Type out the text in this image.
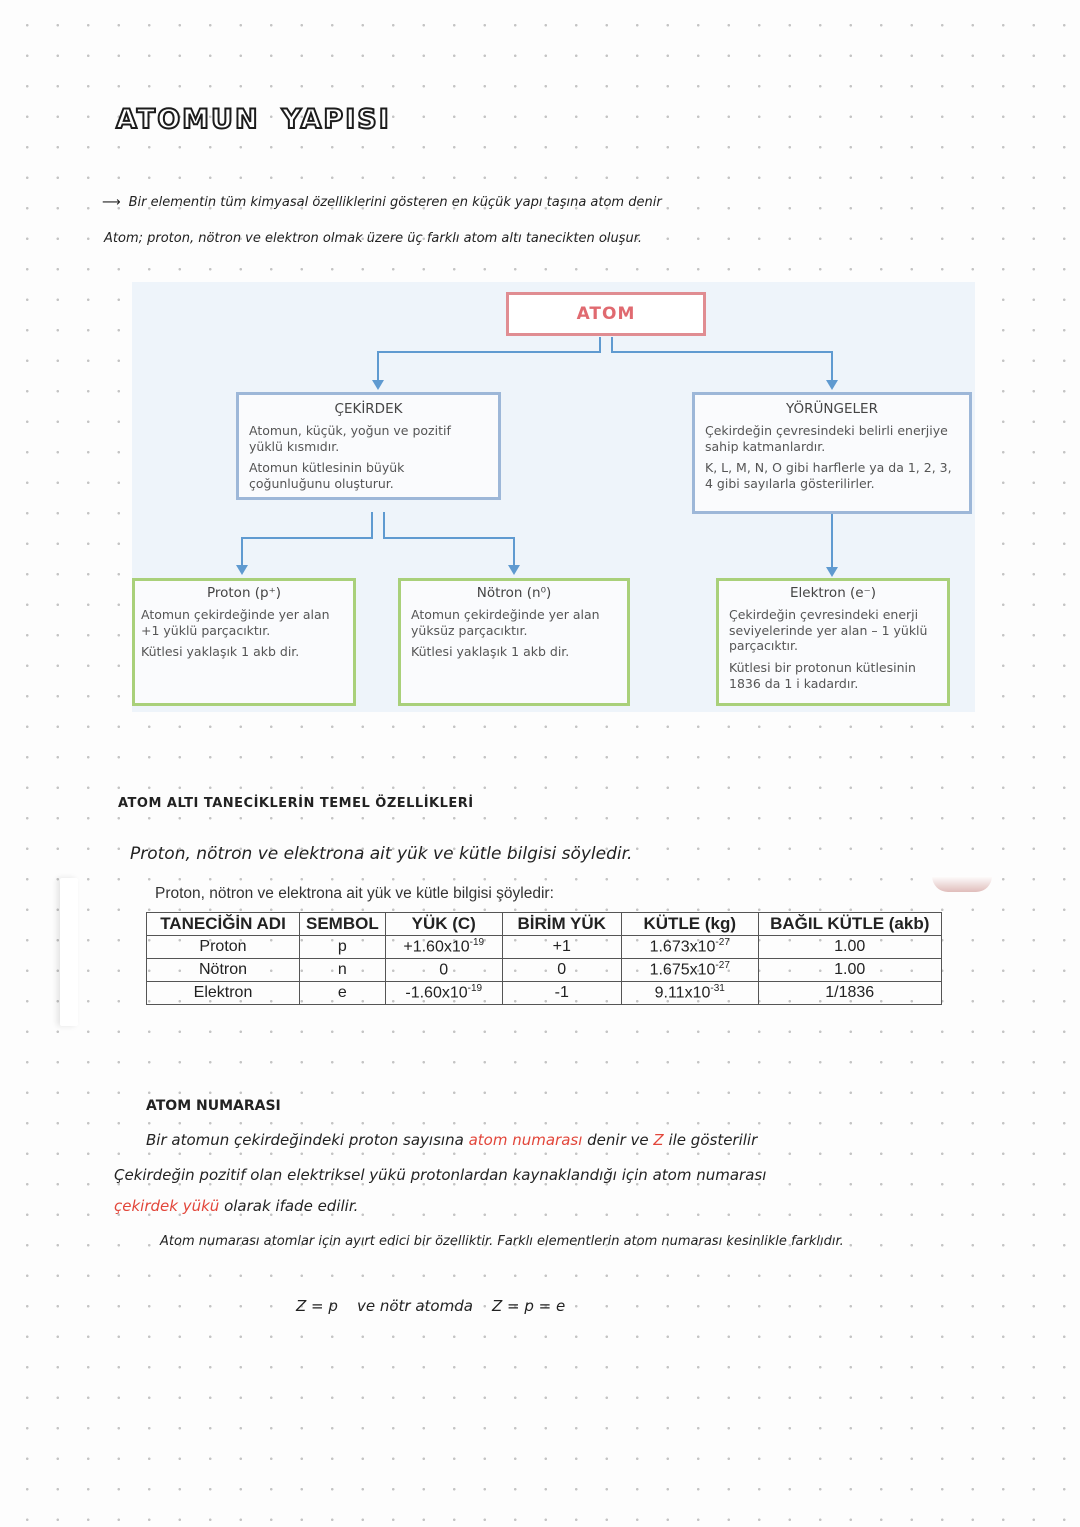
ATOMUN YAPISI
⟶ Bir elementin tüm kimyasal özelliklerini gösteren en küçük yapı taşına atom denir
Atom; proton, nötron ve elektron olmak üzere üç farklı atom altı tanecikten oluşur.
ATOM
ÇEKİRDEK

Atomun, küçük, yoğun ve pozitif yüklü kısmıdır.

Atomun kütlesinin büyük çoğunluğunu oluşturur.

YÖRÜNGELER

Çekirdeğin çevresindeki belirli enerjiye sahip katmanlardır.

K, L, M, N, O gibi harflerle ya da 1, 2, 3, 4 gibi sayılarla gösterilirler.

Proton (p⁺)

Atomun çekirdeğinde yer alan +1 yüklü parçacıktır.

Kütlesi yaklaşık 1 akb dir.

Nötron (n⁰)

Atomun çekirdeğinde yer alan yüksüz parçacıktır.

Kütlesi yaklaşık 1 akb dir.

Elektron (e⁻)

Çekirdeğin çevresindeki enerji seviyelerinde yer alan – 1 yüklü parçacıktır.

Kütlesi bir protonun kütlesinin 1836 da 1 i kadardır.

ATOM ALTI TANECİKLERİN TEMEL ÖZELLİKLERİ
Proton, nötron ve elektrona ait yük ve kütle bilgisi söyledir.
Proton, nötron ve elektrona ait yük ve kütle bilgisi şöyledir:
TANECİĞİN ADI	SEMBOL	YÜK (C)	BİRİM YÜK	KÜTLE (kg)	BAĞIL KÜTLE (akb)
Proton	p	$+1.60x10^{-19}$	+1	$1.673x10^{-27}$	1.00
Nötron	n	0	0	$1.675x10^{-27}$	1.00
Elektron	e	$-1.60x10^{-19}$	-1	$9.11x10^{-31}$	1/1836
ATOM NUMARASI
Bir atomun çekirdeğindeki proton sayısına atom numarası denir ve Z ile gösterilir
Çekirdeğin pozitif olan elektriksel yükü protonlardan kaynaklandığı için atom numarası
çekirdek yükü olarak ifade edilir.
Atom numarası atomlar için ayırt edici bir özelliktir. Farklı elementlerin atom numarası kesinlikle farklıdır.
Z = p ve nötr atomda Z = p = e
